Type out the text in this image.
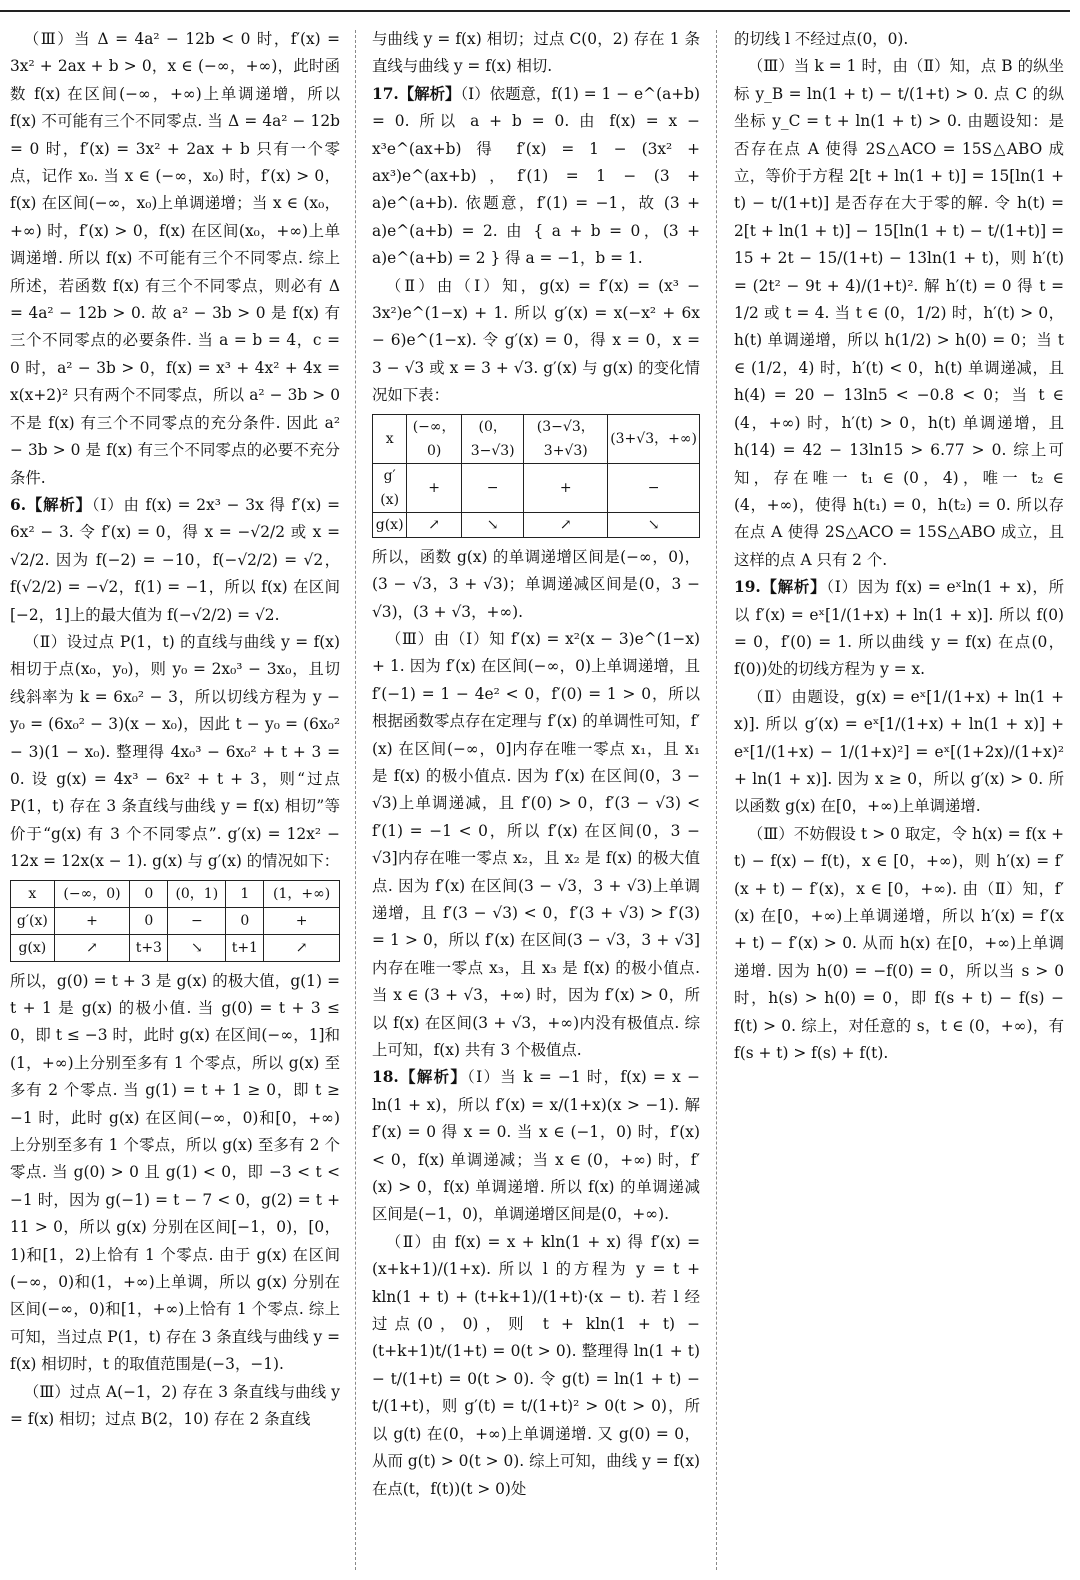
（Ⅲ）当 Δ = 4a² − 12b < 0 时，f′(x) = 3x² + 2ax + b > 0，x ∈ (−∞，+∞)，此时函数 f(x) 在区间(−∞，+∞)上单调递增，所以 f(x) 不可能有三个不同零点. 当 Δ = 4a² − 12b = 0 时，f′(x) = 3x² + 2ax + b 只有一个零点，记作 x₀. 当 x ∈ (−∞，x₀) 时，f′(x) > 0，f(x) 在区间(−∞，x₀)上单调递增；当 x ∈ (x₀，+∞) 时，f′(x) > 0，f(x) 在区间(x₀，+∞)上单调递增. 所以 f(x) 不可能有三个不同零点. 综上所述，若函数 f(x) 有三个不同零点，则必有 Δ = 4a² − 12b > 0. 故 a² − 3b > 0 是 f(x) 有三个不同零点的必要条件. 当 a = b = 4，c = 0 时，a² − 3b > 0，f(x) = x³ + 4x² + 4x = x(x+2)² 只有两个不同零点，所以 a² − 3b > 0 不是 f(x) 有三个不同零点的充分条件. 因此 a² − 3b > 0 是 f(x) 有三个不同零点的必要不充分条件.

6.【解析】（Ⅰ）由 f(x) = 2x³ − 3x 得 f′(x) = 6x² − 3. 令 f′(x) = 0，得 x = −√2/2 或 x = √2/2. 因为 f(−2) = −10，f(−√2/2) = √2，f(√2/2) = −√2，f(1) = −1，所以 f(x) 在区间[−2，1]上的最大值为 f(−√2/2) = √2.

（Ⅱ）设过点 P(1，t) 的直线与曲线 y = f(x) 相切于点(x₀，y₀)，则 y₀ = 2x₀³ − 3x₀，且切线斜率为 k = 6x₀² − 3，所以切线方程为 y − y₀ = (6x₀² − 3)(x − x₀)，因此 t − y₀ = (6x₀² − 3)(1 − x₀). 整理得 4x₀³ − 6x₀² + t + 3 = 0. 设 g(x) = 4x³ − 6x² + t + 3，则“过点 P(1，t) 存在 3 条直线与曲线 y = f(x) 相切”等价于“g(x) 有 3 个不同零点”. g′(x) = 12x² − 12x = 12x(x − 1). g(x) 与 g′(x) 的情况如下：

x	(−∞，0)	0	(0，1)	1	(1，+∞)
g′(x)	+	0	−	0	+
g(x)	↗	t+3	↘	t+1	↗

所以，g(0) = t + 3 是 g(x) 的极大值，g(1) = t + 1 是 g(x) 的极小值. 当 g(0) = t + 3 ≤ 0，即 t ≤ −3 时，此时 g(x) 在区间(−∞，1]和(1，+∞)上分别至多有 1 个零点，所以 g(x) 至多有 2 个零点. 当 g(1) = t + 1 ≥ 0，即 t ≥ −1 时，此时 g(x) 在区间(−∞，0)和[0，+∞)上分别至多有 1 个零点，所以 g(x) 至多有 2 个零点. 当 g(0) > 0 且 g(1) < 0，即 −3 < t < −1 时，因为 g(−1) = t − 7 < 0，g(2) = t + 11 > 0，所以 g(x) 分别在区间[−1，0)，[0，1)和[1，2)上恰有 1 个零点. 由于 g(x) 在区间(−∞，0)和(1，+∞)上单调，所以 g(x) 分别在区间(−∞，0)和[1，+∞)上恰有 1 个零点. 综上可知，当过点 P(1，t) 存在 3 条直线与曲线 y = f(x) 相切时，t 的取值范围是(−3，−1).

（Ⅲ）过点 A(−1，2) 存在 3 条直线与曲线 y = f(x) 相切；过点 B(2，10) 存在 2 条直线

与曲线 y = f(x) 相切；过点 C(0，2) 存在 1 条直线与曲线 y = f(x) 相切.

17.【解析】（Ⅰ）依题意，f(1) = 1 − e^(a+b) = 0. 所以 a + b = 0. 由 f(x) = x − x³e^(ax+b) 得 f′(x) = 1 − (3x² + ax³)e^(ax+b)，f′(1) = 1 − (3 + a)e^(a+b). 依题意，f′(1) = −1，故 (3 + a)e^(a+b) = 2. 由 { a + b = 0，(3 + a)e^(a+b) = 2 } 得 a = −1，b = 1.

（Ⅱ）由（Ⅰ）知，g(x) = f′(x) = (x³ − 3x²)e^(1−x) + 1. 所以 g′(x) = x(−x² + 6x − 6)e^(1−x). 令 g′(x) = 0，得 x = 0，x = 3 − √3 或 x = 3 + √3. g′(x) 与 g(x) 的变化情况如下表：

x	(−∞，0)	(0，3−√3)	(3−√3，3+√3)	(3+√3，+∞)
g′(x)	+	−	+	−
g(x)	↗	↘	↗	↘

所以，函数 g(x) 的单调递增区间是(−∞，0)，(3 − √3，3 + √3)；单调递减区间是(0，3 − √3)，(3 + √3，+∞).

（Ⅲ）由（Ⅰ）知 f′(x) = x²(x − 3)e^(1−x) + 1. 因为 f′(x) 在区间(−∞，0)上单调递增，且 f′(−1) = 1 − 4e² < 0，f′(0) = 1 > 0，所以根据函数零点存在定理与 f′(x) 的单调性可知，f′(x) 在区间(−∞，0]内存在唯一零点 x₁，且 x₁ 是 f(x) 的极小值点. 因为 f′(x) 在区间(0，3 − √3)上单调递减，且 f′(0) > 0，f′(3 − √3) < f′(1) = −1 < 0，所以 f′(x) 在区间(0，3 − √3]内存在唯一零点 x₂，且 x₂ 是 f(x) 的极大值点. 因为 f′(x) 在区间(3 − √3，3 + √3)上单调递增，且 f′(3 − √3) < 0，f′(3 + √3) > f′(3) = 1 > 0，所以 f′(x) 在区间(3 − √3，3 + √3]内存在唯一零点 x₃，且 x₃ 是 f(x) 的极小值点. 当 x ∈ (3 + √3，+∞) 时，因为 f′(x) > 0，所以 f(x) 在区间(3 + √3，+∞)内没有极值点. 综上可知，f(x) 共有 3 个极值点.

18.【解析】（Ⅰ）当 k = −1 时，f(x) = x − ln(1 + x)，所以 f′(x) = x/(1+x)(x > −1). 解 f′(x) = 0 得 x = 0. 当 x ∈ (−1，0) 时，f′(x) < 0，f(x) 单调递减；当 x ∈ (0，+∞) 时，f′(x) > 0，f(x) 单调递增. 所以 f(x) 的单调递减区间是(−1，0)，单调递增区间是(0，+∞).

（Ⅱ）由 f(x) = x + kln(1 + x) 得 f′(x) = (x+k+1)/(1+x). 所以 l 的方程为 y = t + kln(1 + t) + (t+k+1)/(1+t)·(x − t). 若 l 经过点(0，0)，则 t + kln(1 + t) − (t+k+1)t/(1+t) = 0(t > 0). 整理得 ln(1 + t) − t/(1+t) = 0(t > 0). 令 g(t) = ln(1 + t) − t/(1+t)，则 g′(t) = t/(1+t)² > 0(t > 0)，所以 g(t) 在(0，+∞)上单调递增. 又 g(0) = 0，从而 g(t) > 0(t > 0). 综上可知，曲线 y = f(x) 在点(t，f(t))(t > 0)处

的切线 l 不经过点(0，0).

（Ⅲ）当 k = 1 时，由（Ⅱ）知，点 B 的纵坐标 y_B = ln(1 + t) − t/(1+t) > 0. 点 C 的纵坐标 y_C = t + ln(1 + t) > 0. 由题设知：是否存在点 A 使得 2S△ACO = 15S△ABO 成立，等价于方程 2[t + ln(1 + t)] = 15[ln(1 + t) − t/(1+t)] 是否存在大于零的解. 令 h(t) = 2[t + ln(1 + t)] − 15[ln(1 + t) − t/(1+t)] = 15 + 2t − 15/(1+t) − 13ln(1 + t)，则 h′(t) = (2t² − 9t + 4)/(1+t)². 解 h′(t) = 0 得 t = 1/2 或 t = 4. 当 t ∈ (0，1/2) 时，h′(t) > 0，h(t) 单调递增，所以 h(1/2) > h(0) = 0；当 t ∈ (1/2，4) 时，h′(t) < 0，h(t) 单调递减，且 h(4) = 20 − 13ln5 < −0.8 < 0；当 t ∈ (4，+∞) 时，h′(t) > 0，h(t) 单调递增，且 h(14) = 42 − 13ln15 > 6.77 > 0. 综上可知，存在唯一 t₁ ∈ (0，4)，唯一 t₂ ∈ (4，+∞)，使得 h(t₁) = 0，h(t₂) = 0. 所以存在点 A 使得 2S△ACO = 15S△ABO 成立，且这样的点 A 只有 2 个.

19.【解析】（Ⅰ）因为 f(x) = eˣln(1 + x)，所以 f′(x) = eˣ[1/(1+x) + ln(1 + x)]. 所以 f(0) = 0，f′(0) = 1. 所以曲线 y = f(x) 在点(0，f(0))处的切线方程为 y = x.

（Ⅱ）由题设，g(x) = eˣ[1/(1+x) + ln(1 + x)]. 所以 g′(x) = eˣ[1/(1+x) + ln(1 + x)] + eˣ[1/(1+x) − 1/(1+x)²] = eˣ[(1+2x)/(1+x)² + ln(1 + x)]. 因为 x ≥ 0，所以 g′(x) > 0. 所以函数 g(x) 在[0，+∞)上单调递增.

（Ⅲ）不妨假设 t > 0 取定，令 h(x) = f(x + t) − f(x) − f(t)，x ∈ [0，+∞)，则 h′(x) = f′(x + t) − f′(x)，x ∈ [0，+∞). 由（Ⅱ）知，f′(x) 在[0，+∞)上单调递增，所以 h′(x) = f′(x + t) − f′(x) > 0. 从而 h(x) 在[0，+∞)上单调递增. 因为 h(0) = −f(0) = 0，所以当 s > 0 时，h(s) > h(0) = 0，即 f(s + t) − f(s) − f(t) > 0. 综上，对任意的 s，t ∈ (0，+∞)，有 f(s + t) > f(s) + f(t).
